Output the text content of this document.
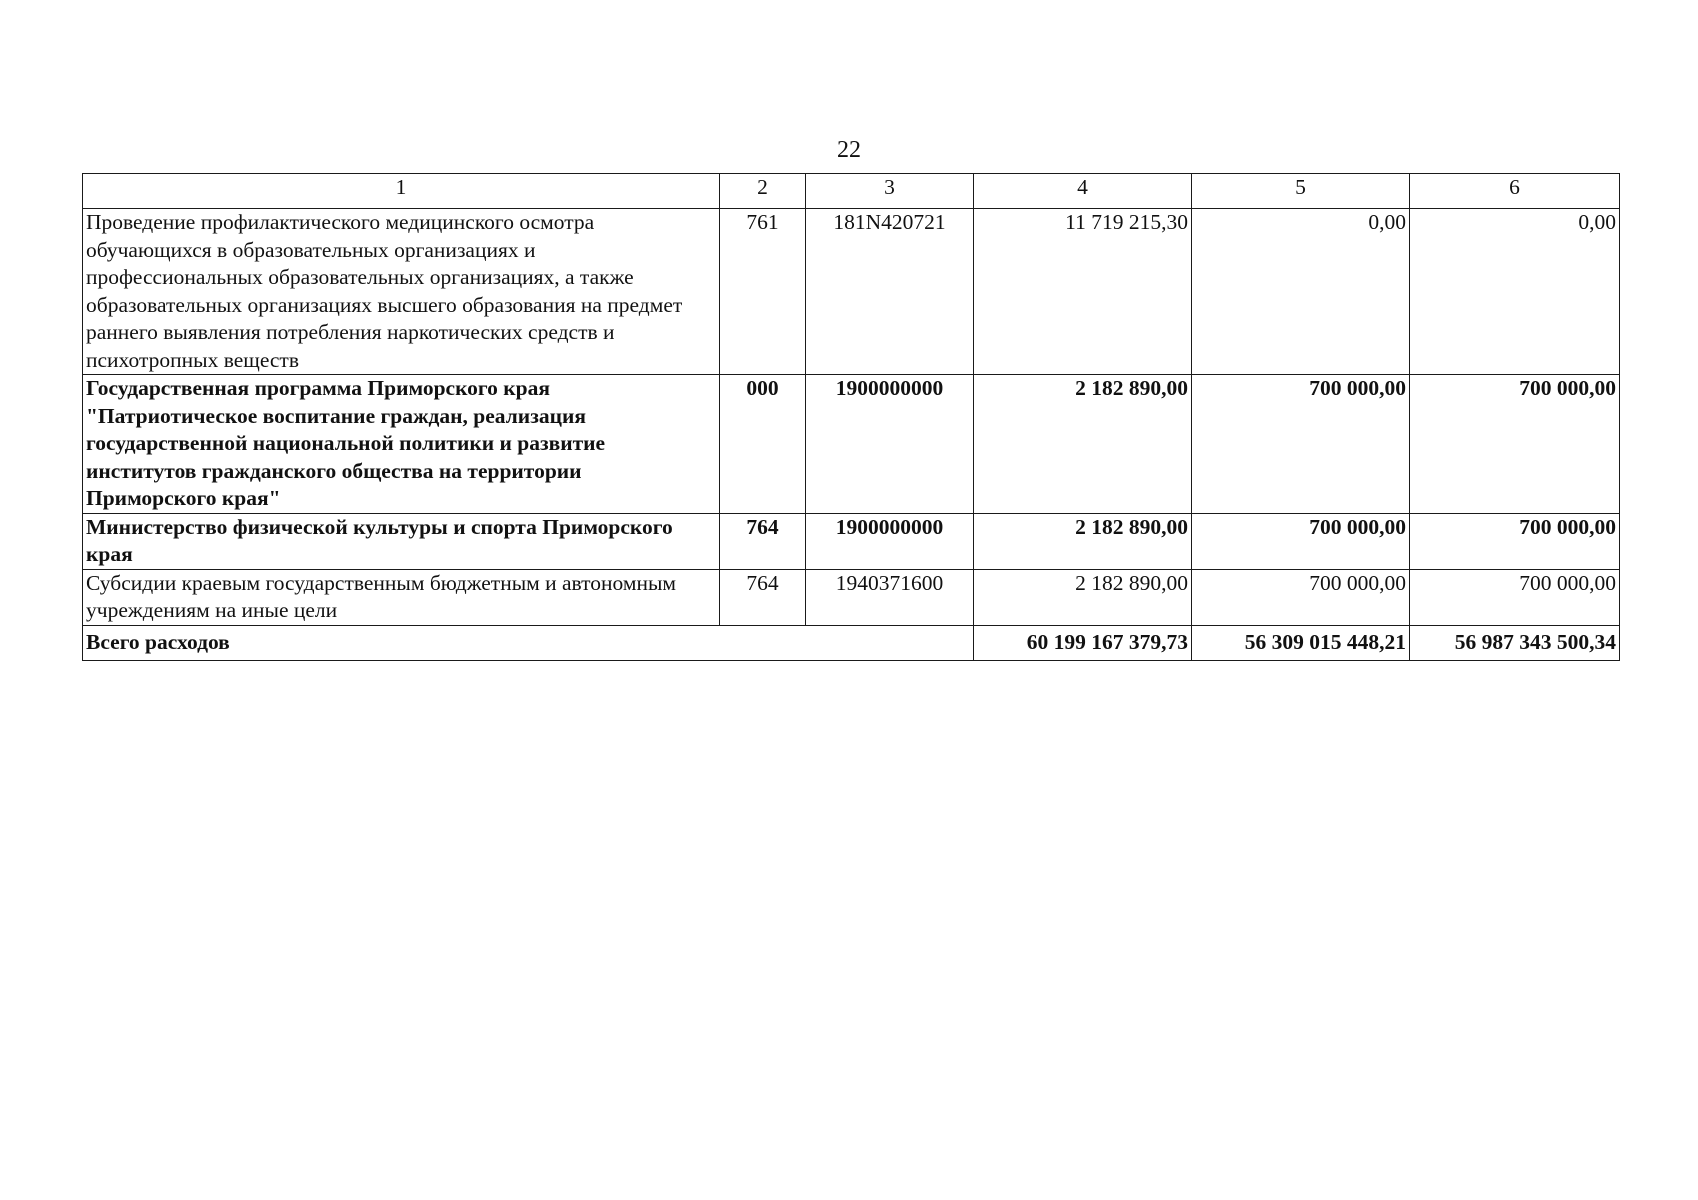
22
1	2	3	4	5	6
Проведение профилактического медицинского осмотра обучающихся в образовательных организациях и профессиональных образовательных организациях, а также образовательных организациях высшего образования на предмет раннего выявления потребления наркотических средств и психотропных веществ	761	181N420721	11 719 215,30	0,00	0,00
Государственная программа Приморского края "Патриотическое воспитание граждан, реализация государственной национальной политики и развитие институтов гражданского общества на территории Приморского края"	000	1900000000	2 182 890,00	700 000,00	700 000,00
Министерство физической культуры и спорта Приморского края	764	1900000000	2 182 890,00	700 000,00	700 000,00
Субсидии краевым государственным бюджетным и автономным учреждениям на иные цели	764	1940371600	2 182 890,00	700 000,00	700 000,00
Всего расходов			60 199 167 379,73	56 309 015 448,21	56 987 343 500,34
